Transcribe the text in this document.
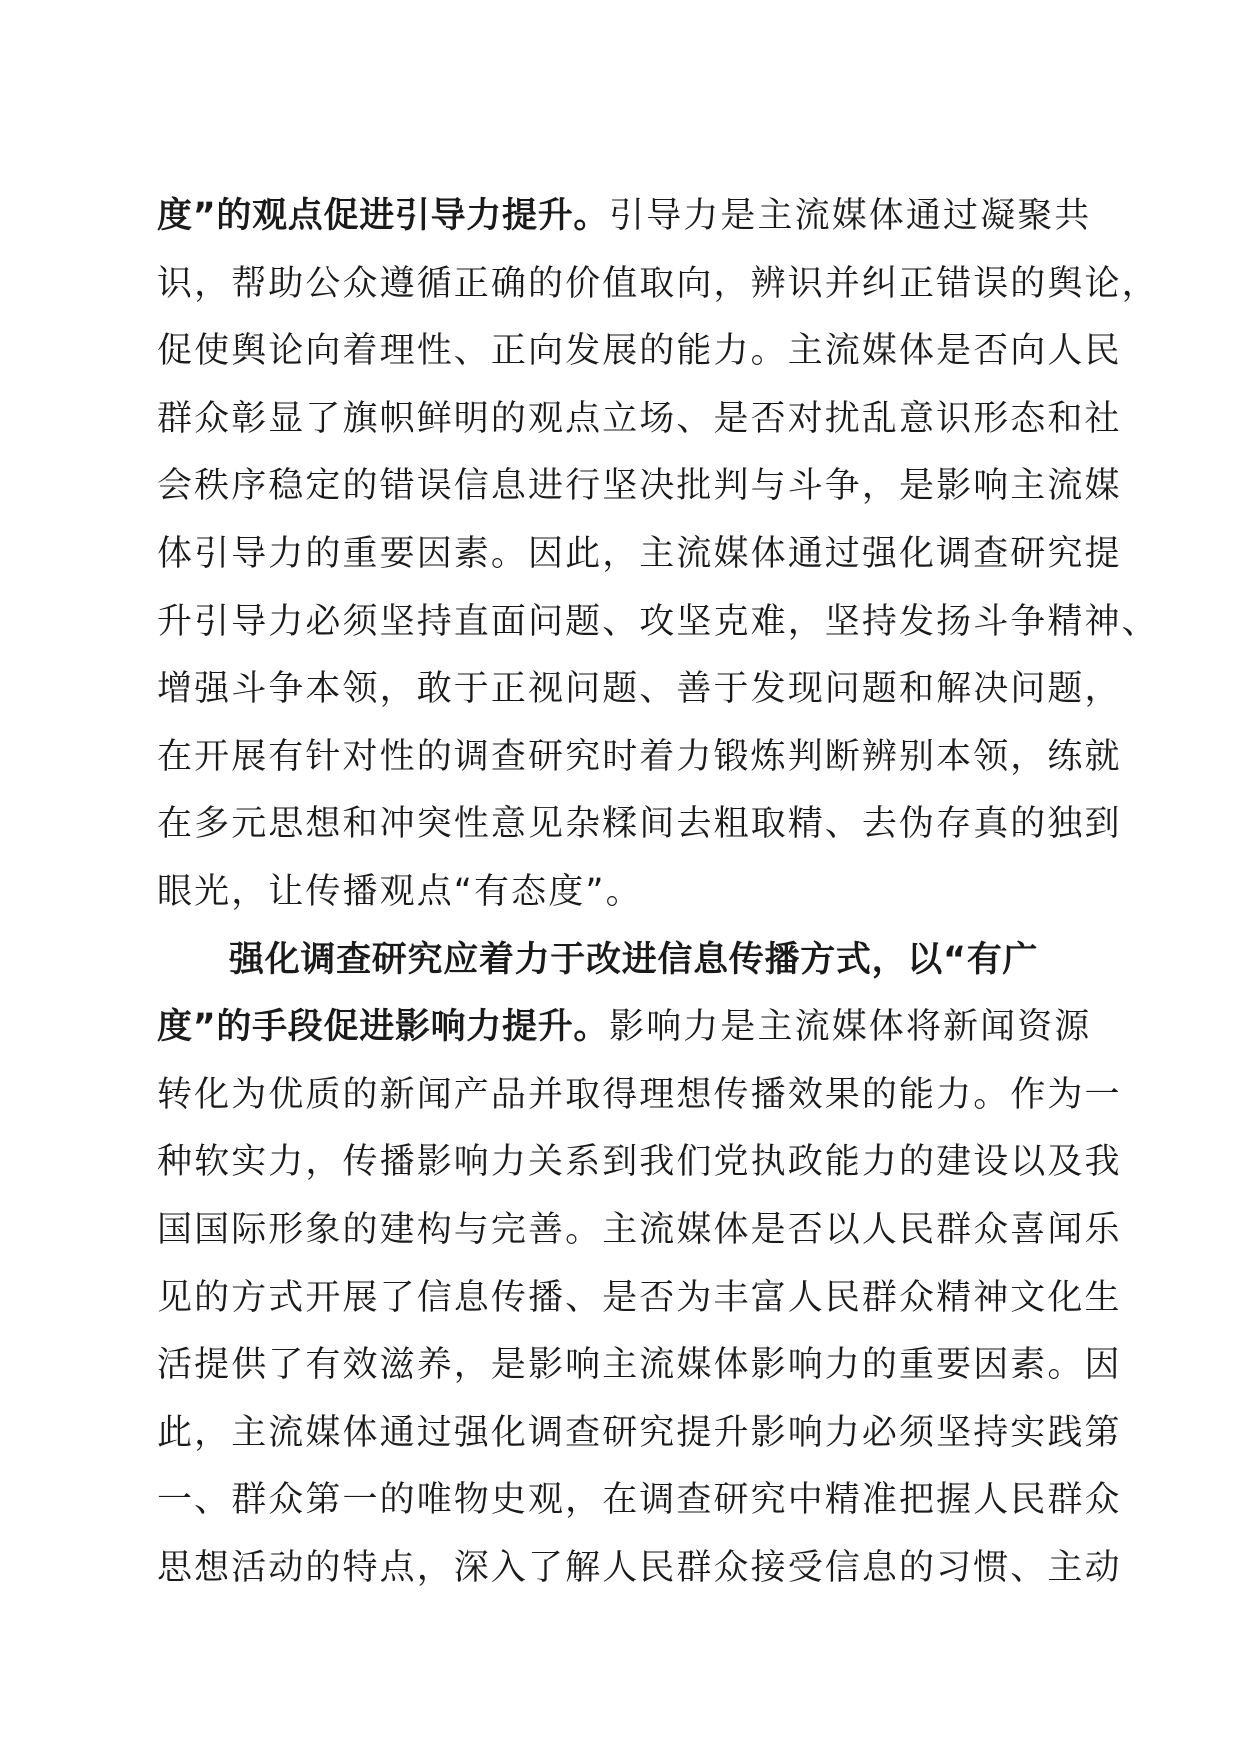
度”的观点促进引导力提升。引导力是主流媒体通过凝聚共
识，帮助公众遵循正确的价值取向，辨识并纠正错误的舆论，
促使舆论向着理性、正向发展的能力。主流媒体是否向人民
群众彰显了旗帜鲜明的观点立场、是否对扰乱意识形态和社
会秩序稳定的错误信息进行坚决批判与斗争，是影响主流媒
体引导力的重要因素。因此，主流媒体通过强化调查研究提
升引导力必须坚持直面问题、攻坚克难，坚持发扬斗争精神、
增强斗争本领，敢于正视问题、善于发现问题和解决问题，
在开展有针对性的调查研究时着力锻炼判断辨别本领，练就
在多元思想和冲突性意见杂糅间去粗取精、去伪存真的独到
眼光，让传播观点“有态度”。
强化调查研究应着力于改进信息传播方式，以“有广
度”的手段促进影响力提升。影响力是主流媒体将新闻资源
转化为优质的新闻产品并取得理想传播效果的能力。作为一
种软实力，传播影响力关系到我们党执政能力的建设以及我
国国际形象的建构与完善。主流媒体是否以人民群众喜闻乐
见的方式开展了信息传播、是否为丰富人民群众精神文化生
活提供了有效滋养，是影响主流媒体影响力的重要因素。因
此，主流媒体通过强化调查研究提升影响力必须坚持实践第
一、群众第一的唯物史观，在调查研究中精准把握人民群众
思想活动的特点，深入了解人民群众接受信息的习惯、主动
